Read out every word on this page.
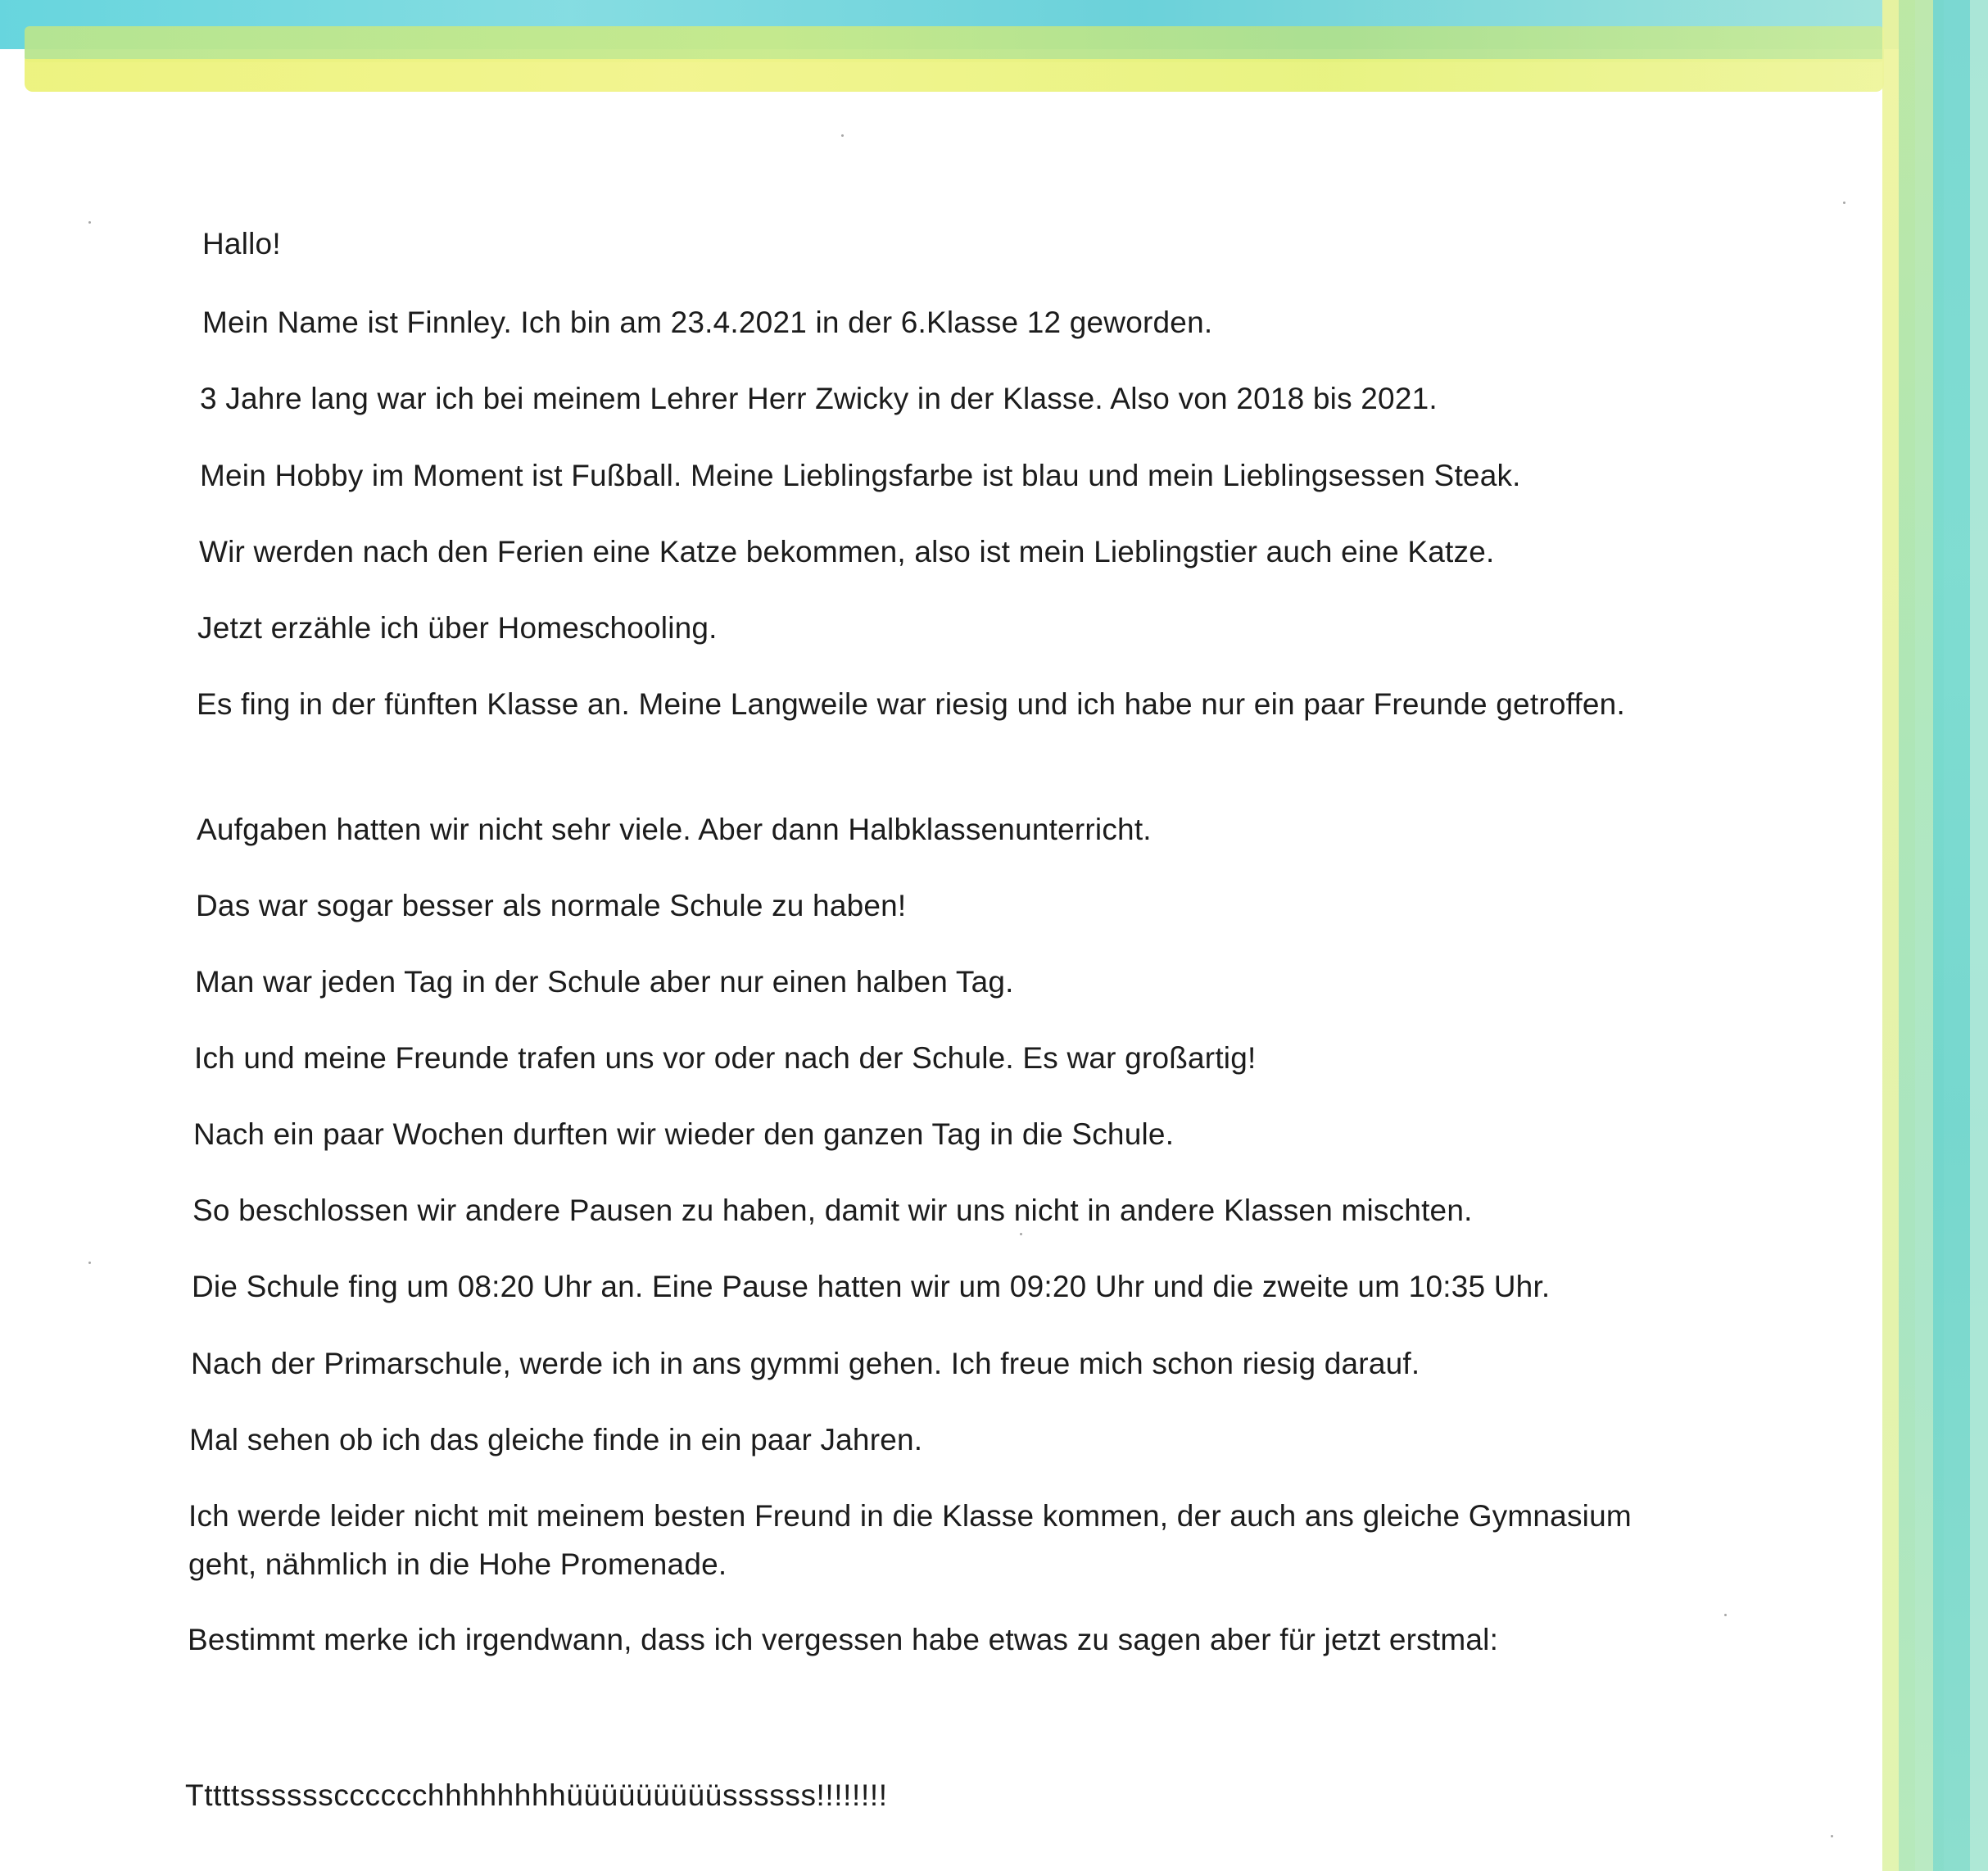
Hallo!

Mein Name ist Finnley. Ich bin am 23.4.2021 in der 6.Klasse 12 geworden.

3 Jahre lang war ich bei meinem Lehrer Herr Zwicky in der Klasse. Also von 2018 bis 2021.

Mein Hobby im Moment ist Fußball. Meine Lieblingsfarbe ist blau und mein Lieblingsessen Steak.

Wir werden nach den Ferien eine Katze bekommen, also ist mein Lieblingstier auch eine Katze.

Jetzt erzähle ich über Homeschooling.

Es fing in der fünften Klasse an. Meine Langweile war riesig und ich habe nur ein paar Freunde getroffen.

Aufgaben hatten wir nicht sehr viele. Aber dann Halbklassenunterricht.

Das war sogar besser als normale Schule zu haben!

Man war jeden Tag in der Schule aber nur einen halben Tag.

Ich und meine Freunde trafen uns vor oder nach der Schule. Es war großartig!

Nach ein paar Wochen durften wir wieder den ganzen Tag in die Schule.

So beschlossen wir andere Pausen zu haben, damit wir uns nicht in andere Klassen mischten.

Die Schule fing um 08:20 Uhr an. Eine Pause hatten wir um 09:20 Uhr und die zweite um 10:35 Uhr.

Nach der Primarschule, werde ich in ans gymmi gehen. Ich freue mich schon riesig darauf.

Mal sehen ob ich das gleiche finde in ein paar Jahren.

Ich werde leider nicht mit meinem besten Freund in die Klasse kommen, der auch ans gleiche Gymnasium geht, nähmlich in die Hohe Promenade.

Bestimmt merke ich irgendwann, dass ich vergessen habe etwas zu sagen aber für jetzt erstmal:

Tttttsssssscccccchhhhhhhhüüüüüüüüüssssss!!!!!!!!
